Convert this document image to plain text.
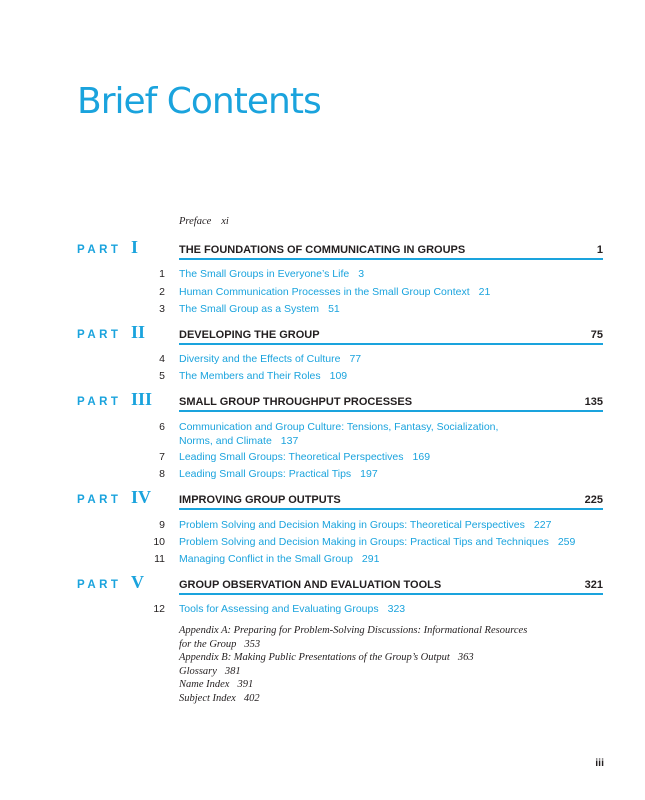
Brief Contents
Preface xi
PART I	THE FOUNDATIONS OF COMMUNICATING IN GROUPS	1
1 The Small Groups in Everyone’s Life 3
2 Human Communication Processes in the Small Group Context 21
3 The Small Group as a System 51
PART II	DEVELOPING THE GROUP	75
4 Diversity and the Effects of Culture 77
5 The Members and Their Roles 109
PART III SMALL GROUP THROUGHPUT PROCESSES	135
6 Communication and Group Culture: Tensions, Fantasy, Socialization,
Norms, and Climate 137
7 Leading Small Groups: Theoretical Perspectives 169
8 Leading Small Groups: Practical Tips 197
PART IV	IMPROVING GROUP OUTPUTS	225
9 Problem Solving and Decision Making in Groups: Theoretical Perspectives 227
10 Problem Solving and Decision Making in Groups: Practical Tips and Techniques 259
11 Managing Conflict in the Small Group 291
PART V	GROUP OBSERVATION AND EVALUATION TOOLS	321
12 Tools for Assessing and Evaluating Groups 323
Appendix A: Preparing for Problem-Solving Discussions: Informational Resources
for the Group 353
Appendix B: Making Public Presentations of the Group’s Output 363
Glossary 381
Name Index 391
Subject Index 402
iii
